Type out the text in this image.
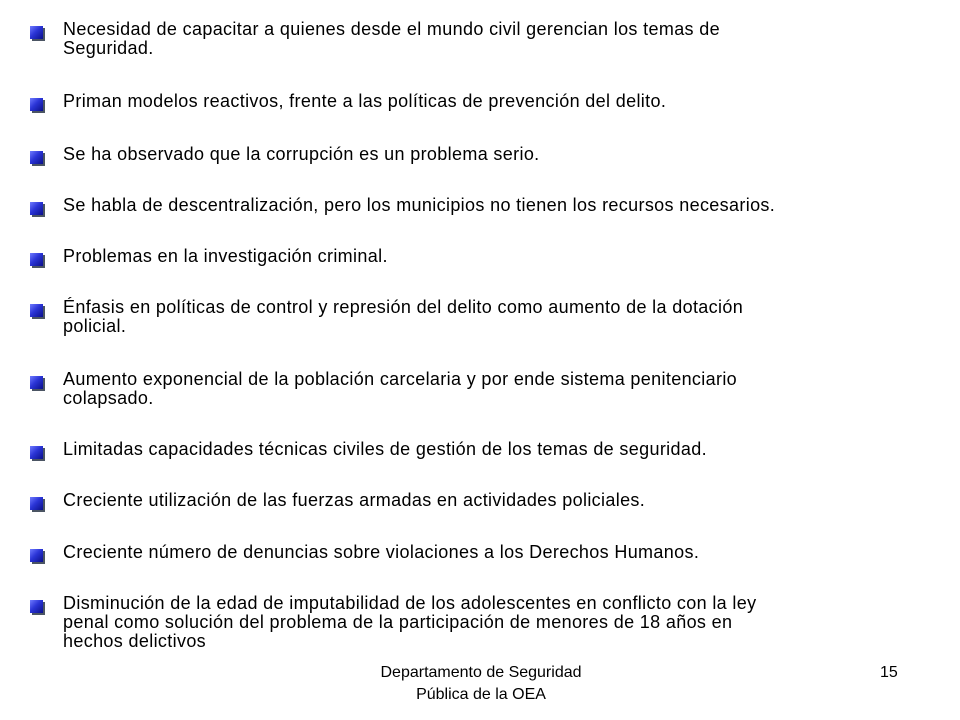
Necesidad de capacitar a quienes desde el mundo civil gerencian los temas de
Seguridad.
Priman modelos reactivos, frente a las políticas de prevención del delito.
Se ha observado que la corrupción es un problema serio.
Se habla de descentralización, pero los municipios no tienen los recursos necesarios.
Problemas en la investigación criminal.
Énfasis en políticas de control y represión del delito como aumento de la dotación
policial.
Aumento exponencial de la población carcelaria y por ende sistema penitenciario
colapsado.
Limitadas capacidades técnicas civiles de gestión de los temas de seguridad.
Creciente utilización de las fuerzas armadas en actividades policiales.
Creciente número de denuncias sobre violaciones a los Derechos Humanos.
Disminución de la edad de imputabilidad de los adolescentes en conflicto con la ley
penal como solución del problema de la participación de menores de 18 años en
hechos delictivos
Departamento de Seguridad
Pública de la OEA
15
